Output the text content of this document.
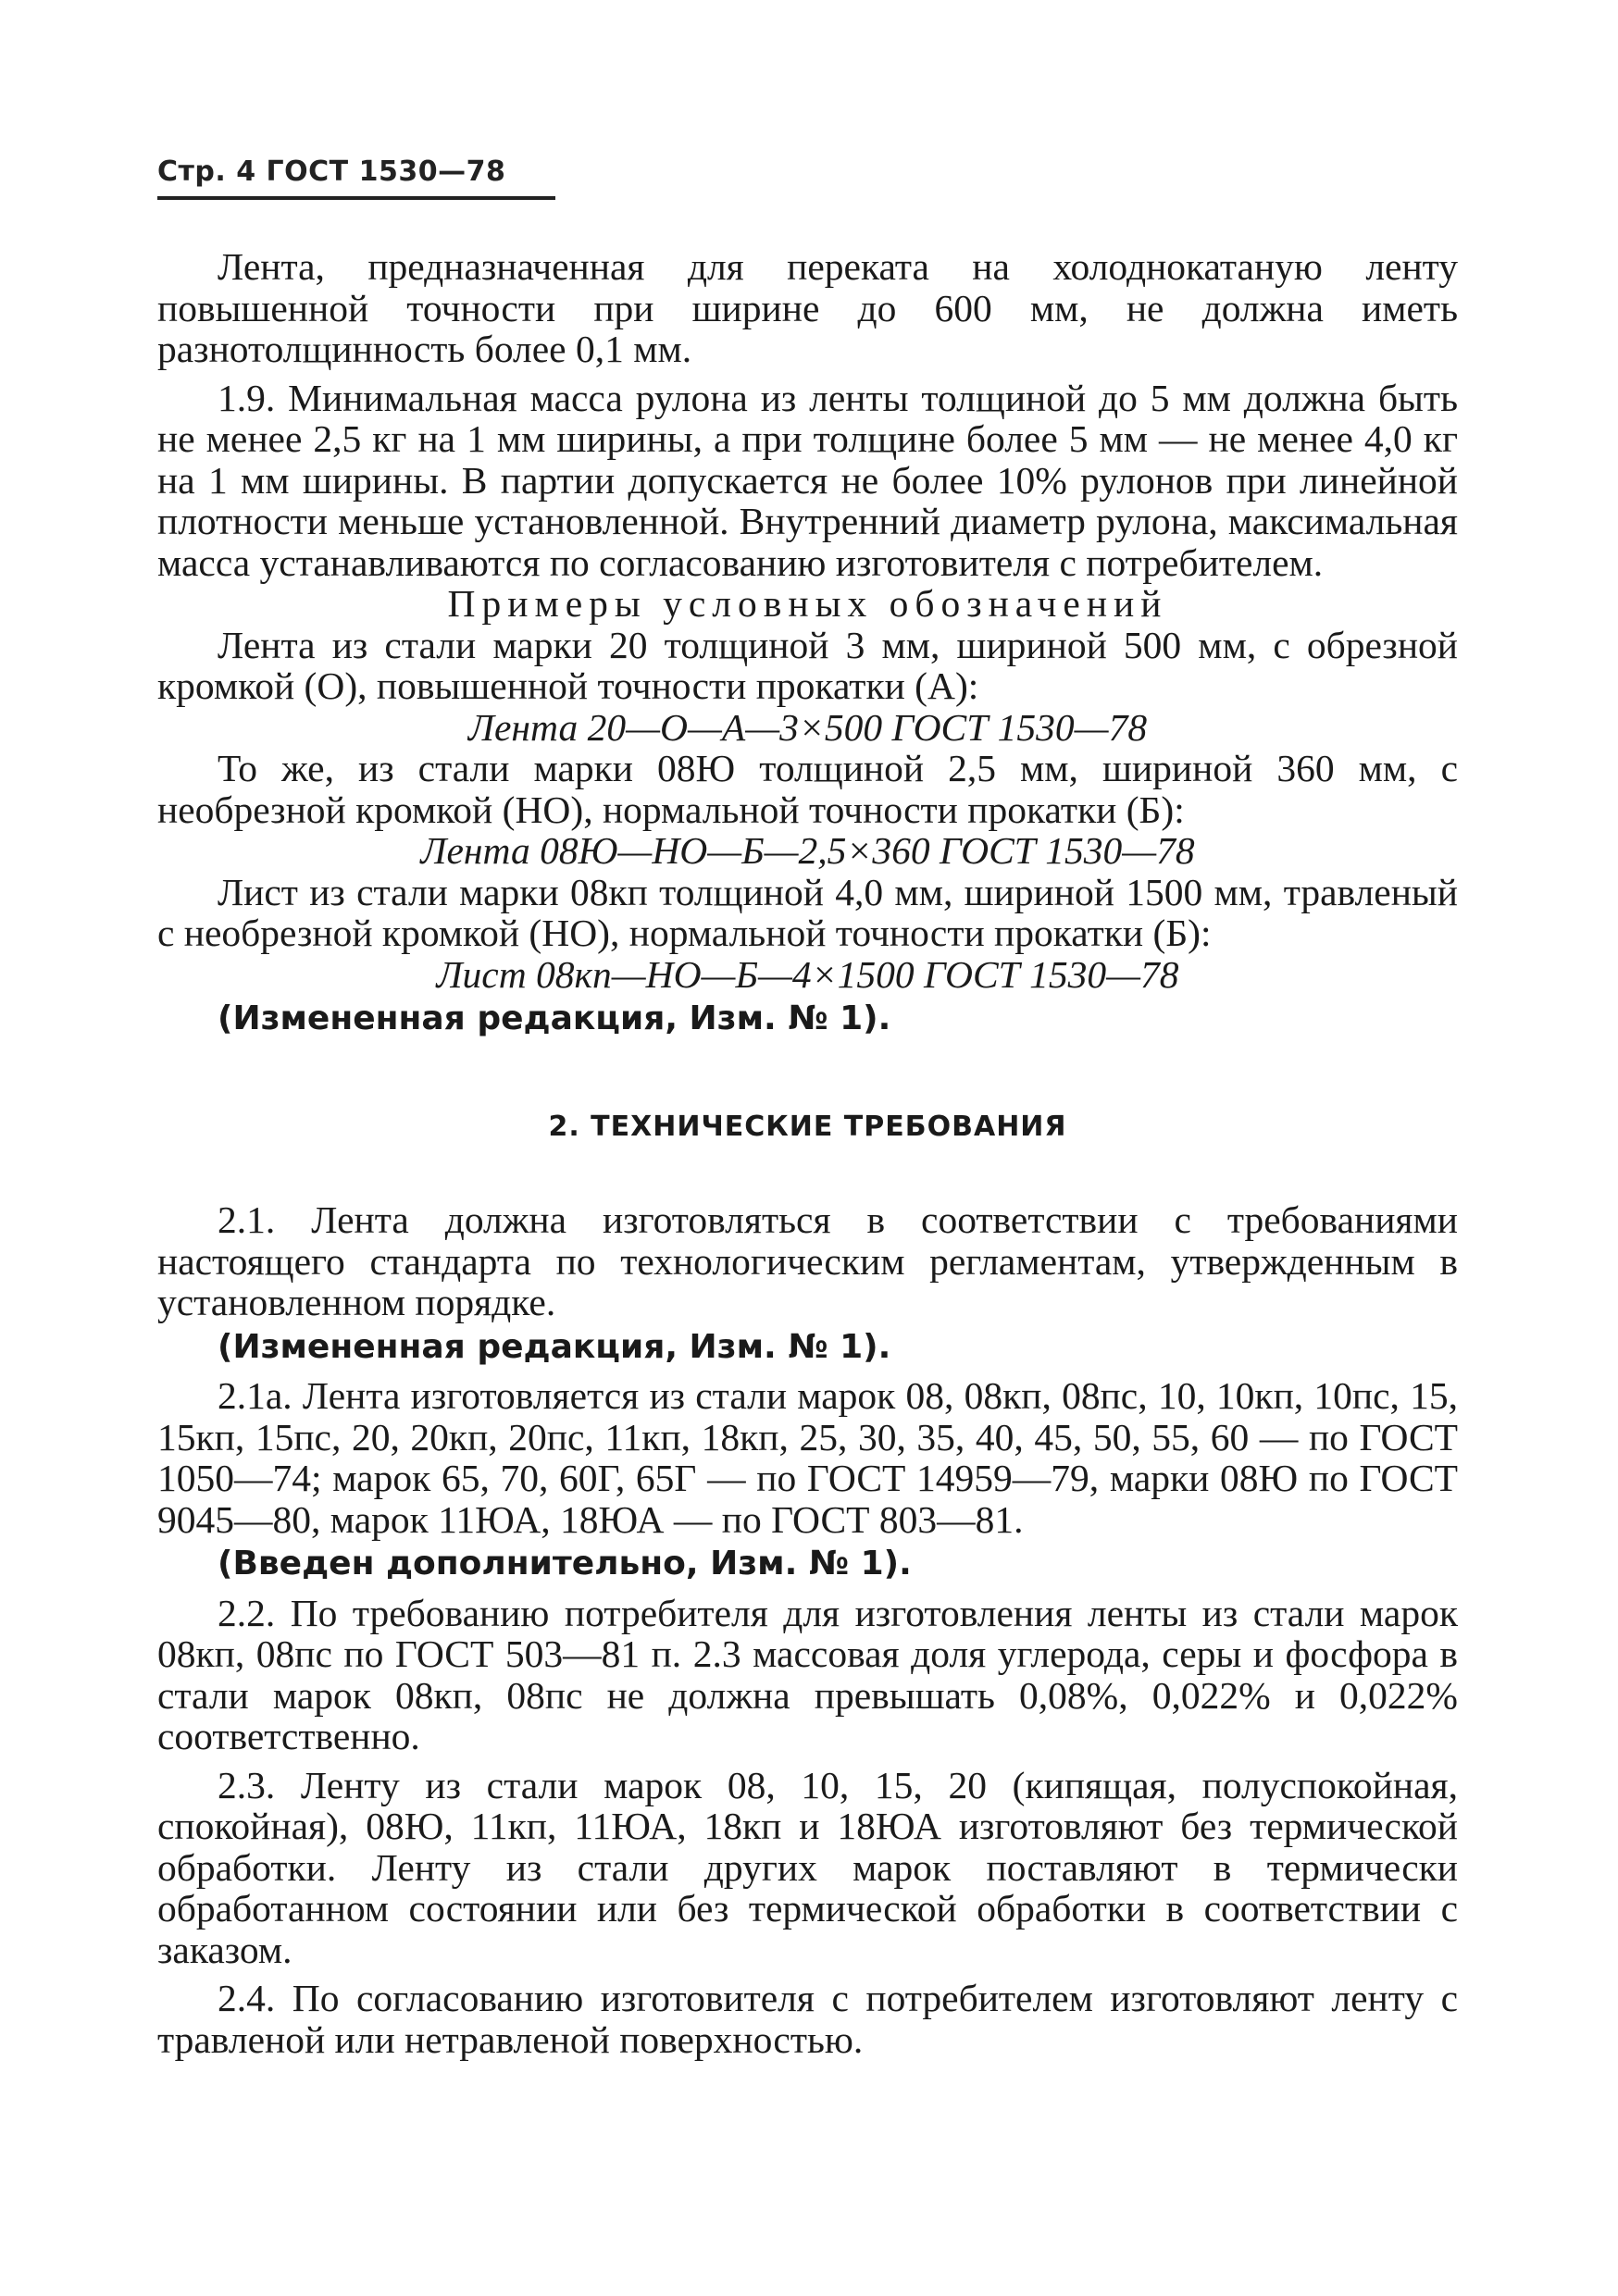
Стр. 4 ГОСТ 1530—78

Лента, предназначенная для переката на холоднокатаную ленту повышенной точности при ширине до 600 мм, не должна иметь разнотолщинность более 0,1 мм.

1.9. Минимальная масса рулона из ленты толщиной до 5 мм должна быть не менее 2,5 кг на 1 мм ширины, а при толщине более 5 мм — не менее 4,0 кг на 1 мм ширины. В партии допускается не более 10% рулонов при линейной плотности меньше установленной. Внутренний диаметр рулона, максимальная масса устанавливаются по согласованию изготовителя с потребителем.

Примеры условных обозначений

Лента из стали марки 20 толщиной 3 мм, шириной 500 мм, с обрезной кромкой (О), повышенной точности прокатки (А):

Лента 20—О—А—3×500 ГОСТ 1530—78

То же, из стали марки 08Ю толщиной 2,5 мм, шириной 360 мм, с необрезной кромкой (НО), нормальной точности прокатки (Б):

Лента 08Ю—НО—Б—2,5×360 ГОСТ 1530—78

Лист из стали марки 08кп толщиной 4,0 мм, шириной 1500 мм, травленый с необрезной кромкой (НО), нормальной точности прокатки (Б):

Лист 08кп—НО—Б—4×1500 ГОСТ 1530—78

(Измененная редакция, Изм. № 1).

2. ТЕХНИЧЕСКИЕ ТРЕБОВАНИЯ

2.1. Лента должна изготовляться в соответствии с требованиями настоящего стандарта по технологическим регламентам, утвержденным в установленном порядке.

(Измененная редакция, Изм. № 1).

2.1а. Лента изготовляется из стали марок 08, 08кп, 08пс, 10, 10кп, 10пс, 15, 15кп, 15пс, 20, 20кп, 20пс, 11кп, 18кп, 25, 30, 35, 40, 45, 50, 55, 60 — по ГОСТ 1050—74; марок 65, 70, 60Г, 65Г — по ГОСТ 14959—79, марки 08Ю по ГОСТ 9045—80, марок 11ЮА, 18ЮА — по ГОСТ 803—81.

(Введен дополнительно, Изм. № 1).

2.2. По требованию потребителя для изготовления ленты из стали марок 08кп, 08пс по ГОСТ 503—81 п. 2.3 массовая доля углерода, серы и фосфора в стали марок 08кп, 08пс не должна превышать 0,08%, 0,022% и 0,022% соответственно.

2.3. Ленту из стали марок 08, 10, 15, 20 (кипящая, полуспокойная, спокойная), 08Ю, 11кп, 11ЮА, 18кп и 18ЮА изготовляют без термической обработки. Ленту из стали других марок поставляют в термически обработанном состоянии или без термической обработки в соответствии с заказом.

2.4. По согласованию изготовителя с потребителем изготовляют ленту с травленой или нетравленой поверхностью.
